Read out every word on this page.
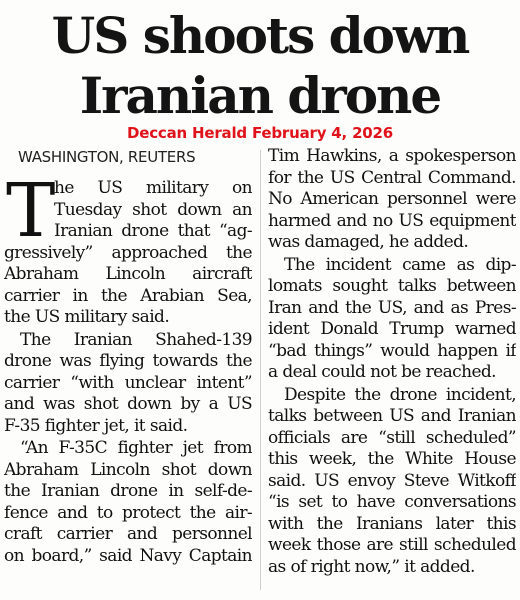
US shoots down
Iranian drone
Deccan Herald February 4, 2026
WASHINGTON, REUTERS
T
he US military on
Tuesday shot down an
Iranian drone that “ag-
gressively” approached the
Abraham Lincoln aircraft
carrier in the Arabian Sea,
the US military said.
The Iranian Shahed-139
drone was flying towards the
carrier “with unclear intent”
and was shot down by a US
F-35 fighter jet, it said.
“An F-35C fighter jet from
Abraham Lincoln shot down
the Iranian drone in self-de-
fence and to protect the air-
craft carrier and personnel
on board,” said Navy Captain
Tim Hawkins, a spokesperson
for the US Central Command.
No American personnel were
harmed and no US equipment
was damaged, he added.
The incident came as dip-
lomats sought talks between
Iran and the US, and as Pres-
ident Donald Trump warned
“bad things” would happen if
a deal could not be reached.
Despite the drone incident,
talks between US and Iranian
officials are “still scheduled”
this week, the White House
said. US envoy Steve Witkoff
“is set to have conversations
with the Iranians later this
week those are still scheduled
as of right now,” it added.
